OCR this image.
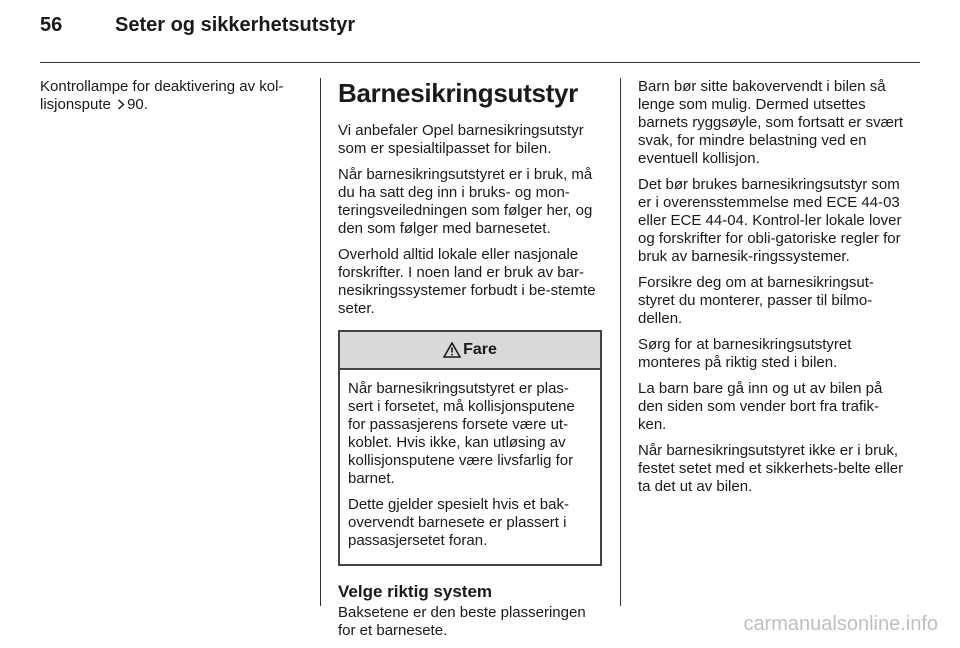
56	Seter og sikkerhetsutstyr

Kontrollampe for deaktivering av kol-lisjonspute 90.	Barnesikringsutstyr

Vi anbefaler Opel barnesikringsutstyr som er spesialtilpasset for bilen.

Når barnesikringsutstyret er i bruk, må du ha satt deg inn i bruks- og mon-teringsveiledningen som følger her, og den som følger med barnesetet.

Overhold alltid lokale eller nasjonale forskrifter. I noen land er bruk av bar-nesikringssystemer forbudt i be-stemte seter.

Fare

Når barnesikringsutstyret er plas-sert i forsetet, må kollisjonsputene for passasjerens forsete være ut-koblet. Hvis ikke, kan utløsing av kollisjonsputene være livsfarlig for barnet.

Dette gjelder spesielt hvis et bak-overvendt barnesete er plassert i passasjersetet foran.

Velge riktig system

Baksetene er den beste plasseringen for et barnesete.

Barn bør sitte bakovervendt i bilen så lenge som mulig. Dermed utsettes barnets ryggsøyle, som fortsatt er svært svak, for mindre belastning ved en eventuell kollisjon.

Det bør brukes barnesikringsutstyr som er i overensstemmelse med ECE 44-03 eller ECE 44-04. Kontrol-ler lokale lover og forskrifter for obli-gatoriske regler for bruk av barnesik-ringssystemer.

Forsikre deg om at barnesikringsut-styret du monterer, passer til bilmo-dellen.

Sørg for at barnesikringsutstyret monteres på riktig sted i bilen.

La barn bare gå inn og ut av bilen på den siden som vender bort fra trafik-ken.

Når barnesikringsutstyret ikke er i bruk, festet setet med et sikkerhets-belte eller ta det ut av bilen.

carmanualsonline.info
